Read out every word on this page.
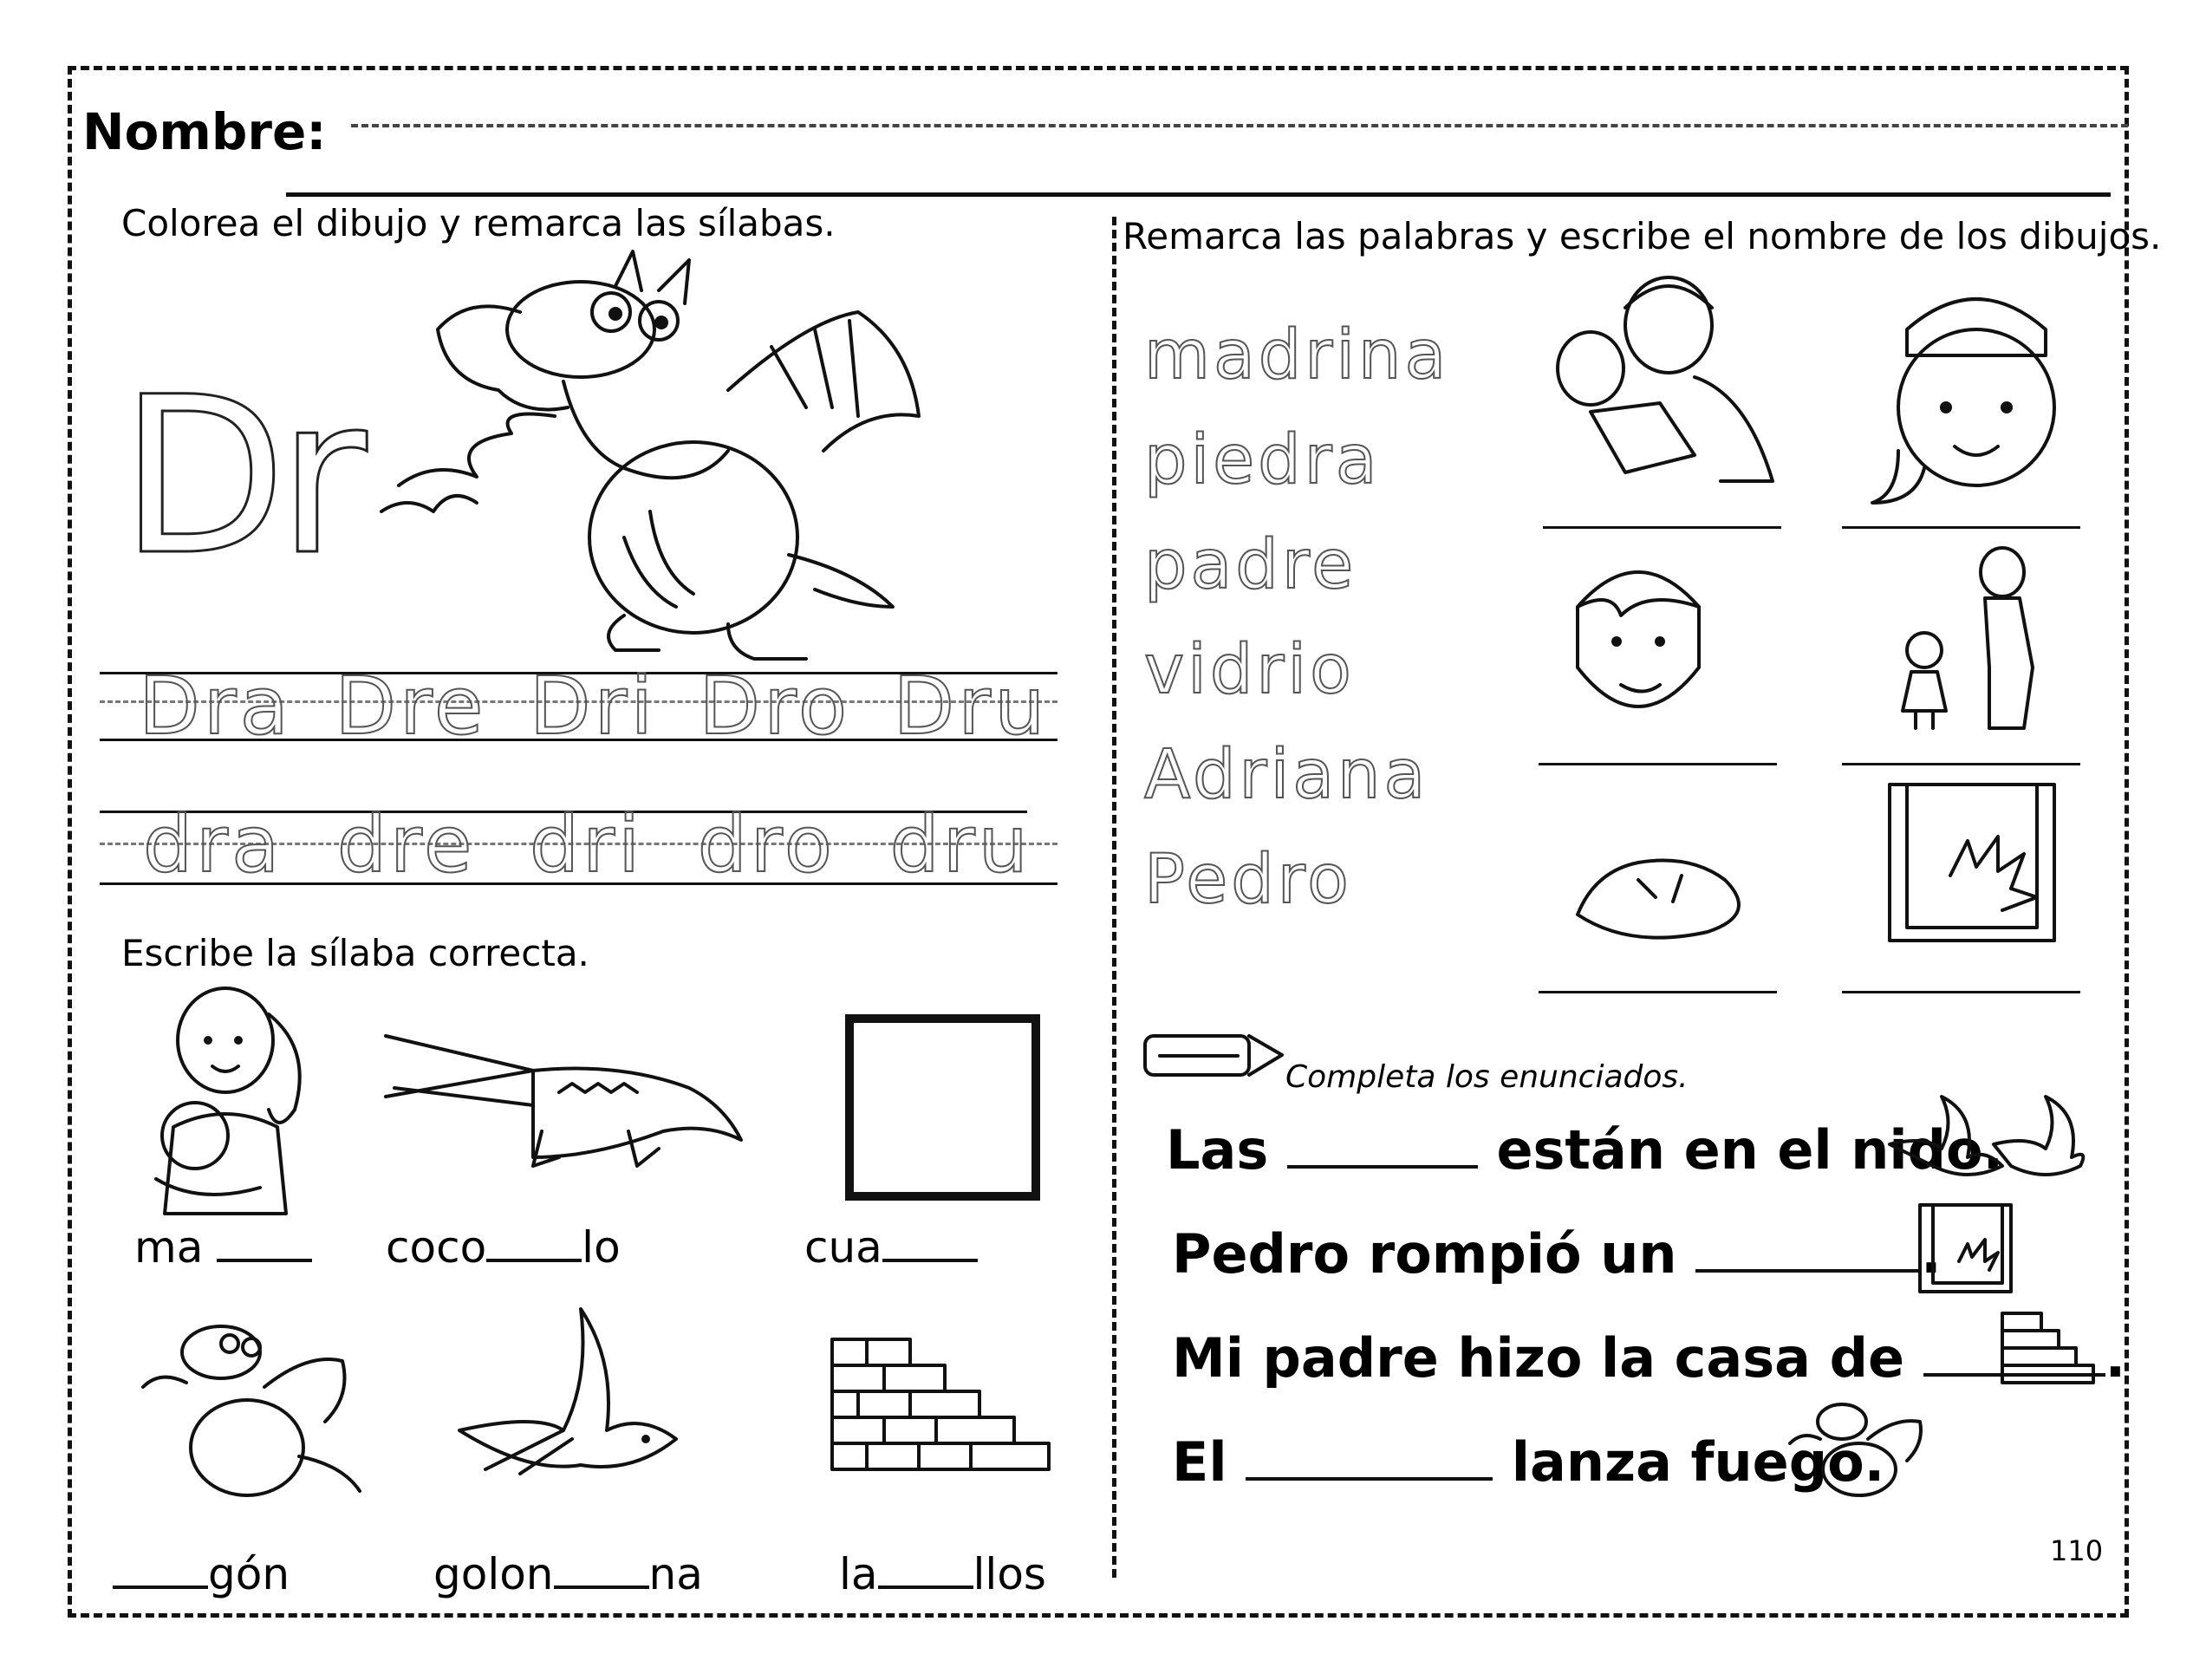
Nombre:
Colorea el dibujo y remarca las sílabas.
Dr
Dra Dre Dri Dro Dru
dra dre dri dro dru
Escribe la sílaba correcta.
ma	coco lo	cua
gón	golon na	la llos
Remarca las palabras y escribe el nombre de los dibujos.
madrina
piedra
padre
vidrio
Adriana
Pedro
Completa los enunciados.
Las	están en el nido.
Pedro rompió un	.
Mi padre hizo la casa de	.
El	lanza fuego.
110
